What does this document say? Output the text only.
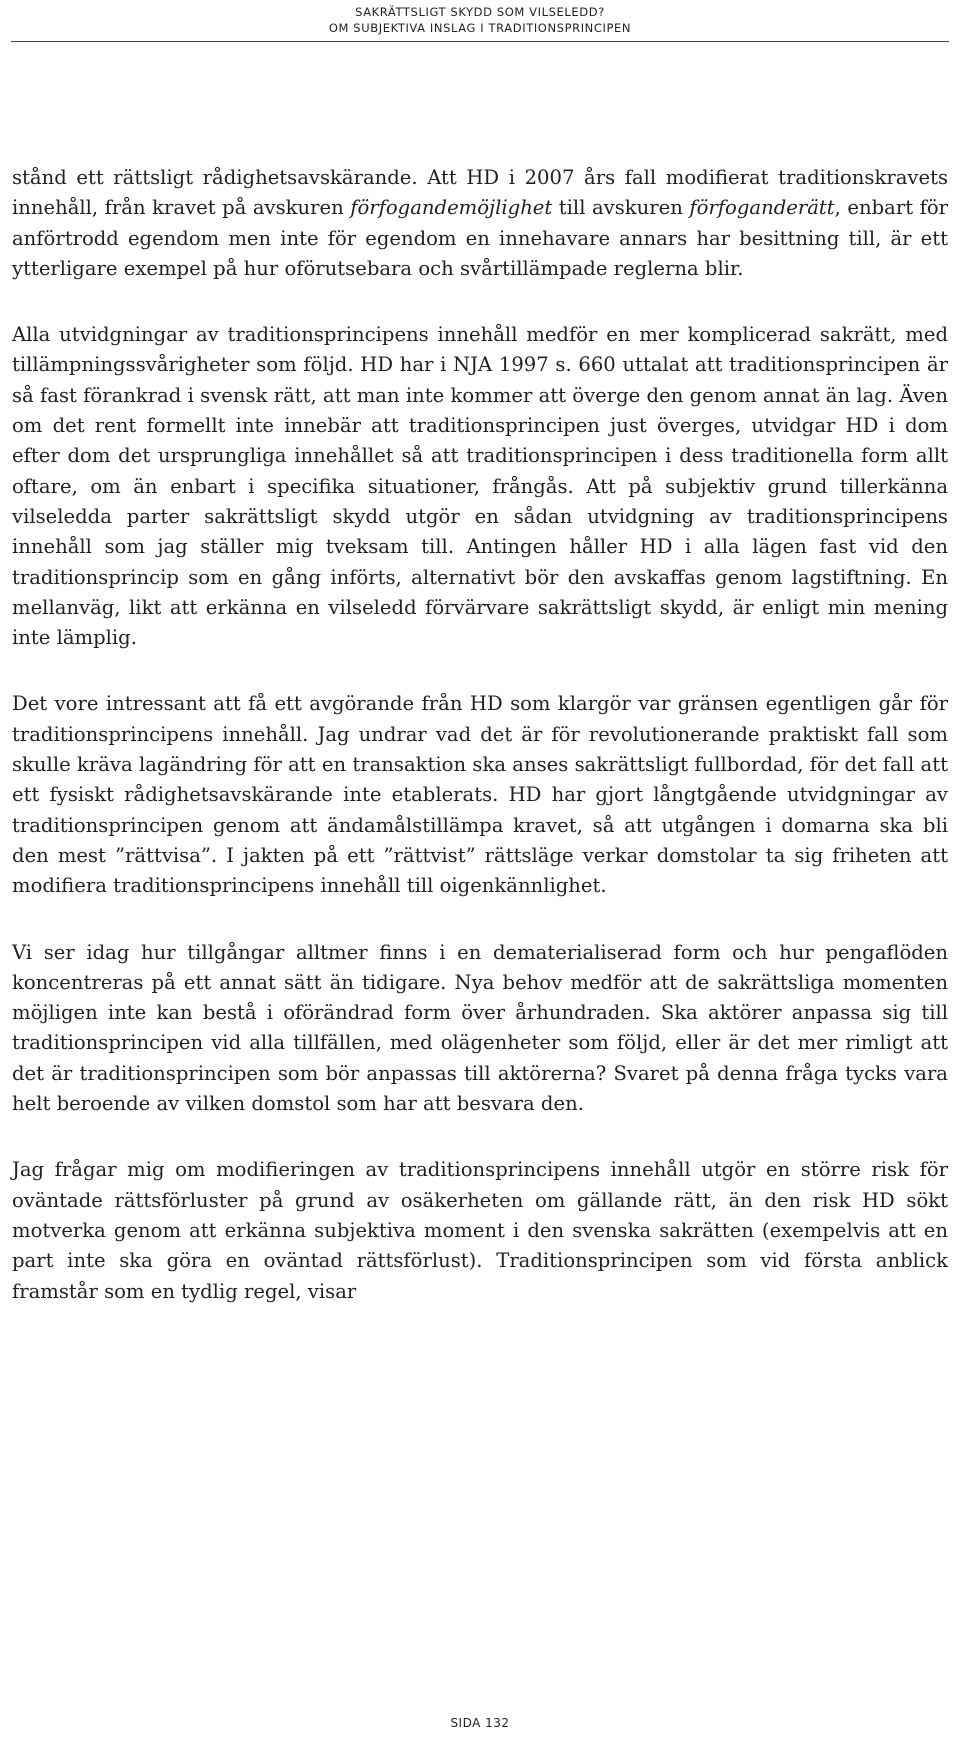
SAKRÄTTSLIGT SKYDD SOM VILSELEDD?
OM SUBJEKTIVA INSLAG I TRADITIONSPRINCIPEN

stånd ett rättsligt rådighetsavskärande. Att HD i 2007 års fall modifierat traditionskravets innehåll, från kravet på avskuren förfogandemöjlighet till avskuren förfoganderätt, enbart för anförtrodd egendom men inte för egendom en innehavare annars har besittning till, är ett ytterligare exempel på hur oförutsebara och svårtillämpade reglerna blir.

Alla utvidgningar av traditionsprincipens innehåll medför en mer komplicerad sakrätt, med tillämpningssvårigheter som följd. HD har i NJA 1997 s. 660 uttalat att traditionsprincipen är så fast förankrad i svensk rätt, att man inte kommer att överge den genom annat än lag. Även om det rent formellt inte innebär att traditionsprincipen just överges, utvidgar HD i dom efter dom det ursprungliga innehållet så att traditionsprincipen i dess traditionella form allt oftare, om än enbart i specifika situationer, frångås. Att på subjektiv grund tillerkänna vilseledda parter sakrättsligt skydd utgör en sådan utvidgning av traditionsprincipens innehåll som jag ställer mig tveksam till. Antingen håller HD i alla lägen fast vid den traditionsprincip som en gång införts, alternativt bör den avskaffas genom lagstiftning. En mellanväg, likt att erkänna en vilseledd förvärvare sakrättsligt skydd, är enligt min mening inte lämplig.

Det vore intressant att få ett avgörande från HD som klargör var gränsen egentligen går för traditionsprincipens innehåll. Jag undrar vad det är för revolutionerande praktiskt fall som skulle kräva lagändring för att en transaktion ska anses sakrättsligt fullbordad, för det fall att ett fysiskt rådighetsavskärande inte etablerats. HD har gjort långtgående utvidgningar av traditionsprincipen genom att ändamålstillämpa kravet, så att utgången i domarna ska bli den mest ”rättvisa”. I jakten på ett ”rättvist” rättsläge verkar domstolar ta sig friheten att modifiera traditionsprincipens innehåll till oigenkännlighet.

Vi ser idag hur tillgångar alltmer finns i en dematerialiserad form och hur pengaflöden koncentreras på ett annat sätt än tidigare. Nya behov medför att de sakrättsliga momenten möjligen inte kan bestå i oförändrad form över århundraden. Ska aktörer anpassa sig till traditionsprincipen vid alla tillfällen, med olägenheter som följd, eller är det mer rimligt att det är traditionsprincipen som bör anpassas till aktörerna? Svaret på denna fråga tycks vara helt beroende av vilken domstol som har att besvara den.

Jag frågar mig om modifieringen av traditionsprincipens innehåll utgör en större risk för oväntade rättsförluster på grund av osäkerheten om gällande rätt, än den risk HD sökt motverka genom att erkänna subjektiva moment i den svenska sakrätten (exempelvis att en part inte ska göra en oväntad rättsförlust). Traditionsprincipen som vid första anblick framstår som en tydlig regel, visar

SIDA 132
